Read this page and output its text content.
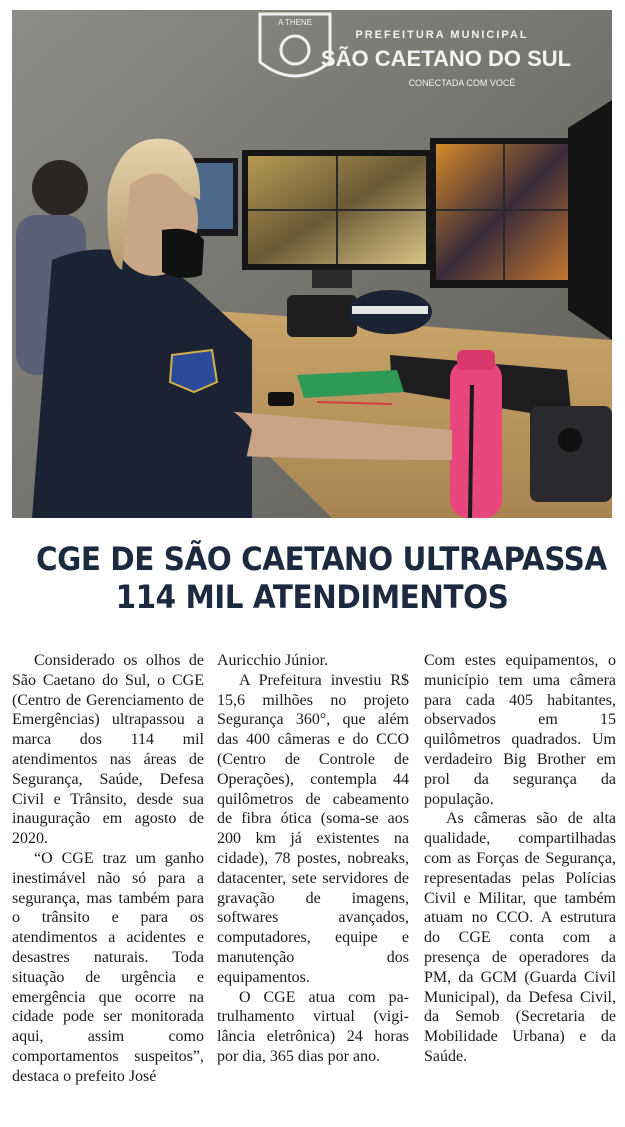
A THENE
PREFEITURA MUNICIPAL
SÃO CAETANO DO SUL
CONECTADA COM VOCÊ
CGE DE SÃO CAETANO ULTRAPASSA
114 MIL ATENDIMENTOS

Considerado os olhos de São Caetano do Sul, o CGE (Centro de Gerenciamento de Emergências) ultrapassou a marca dos 114 mil atendimentos nas áreas de Segurança, Saúde, Defesa Civil e Trânsito, desde sua inauguração em agosto de 2020.

“O CGE traz um ganho inestimável não só para a segurança, mas também para o trânsito e para os atendimentos a acidentes e desastres naturais. Toda situação de urgência e emergência que ocorre na cidade pode ser monitorada aqui, assim como comportamentos suspeitos”, destaca o prefeito José

Auricchio Júnior.

A Prefeitura investiu R$ 15,6 milhões no projeto Segurança 360°, que além das 400 câmeras e do CCO (Centro de Controle de Operações), contempla 44 quilômetros de cabeamento de fibra ótica (soma-se aos 200 km já existentes na cidade), 78 postes, nobreaks, datacenter, sete servidores de gravação de imagens, softwares avançados, computadores, equipe e manutenção dos equipamentos.

O CGE atua com patrulhamento virtual (vigilância eletrônica) 24 horas por dia, 365 dias por ano.

Com estes equipamentos, o município tem uma câmera para cada 405 habitantes, observados em 15 quilômetros quadrados. Um verdadeiro Big Brother em prol da segurança da população.

As câmeras são de alta qualidade, compartilhadas com as Forças de Segurança, representadas pelas Polícias Civil e Militar, que também atuam no CCO. A estrutura do CGE conta com a presença de operadores da PM, da GCM (Guarda Civil Municipal), da Defesa Civil, da Semob (Secretaria de Mobilidade Urbana) e da Saúde.
